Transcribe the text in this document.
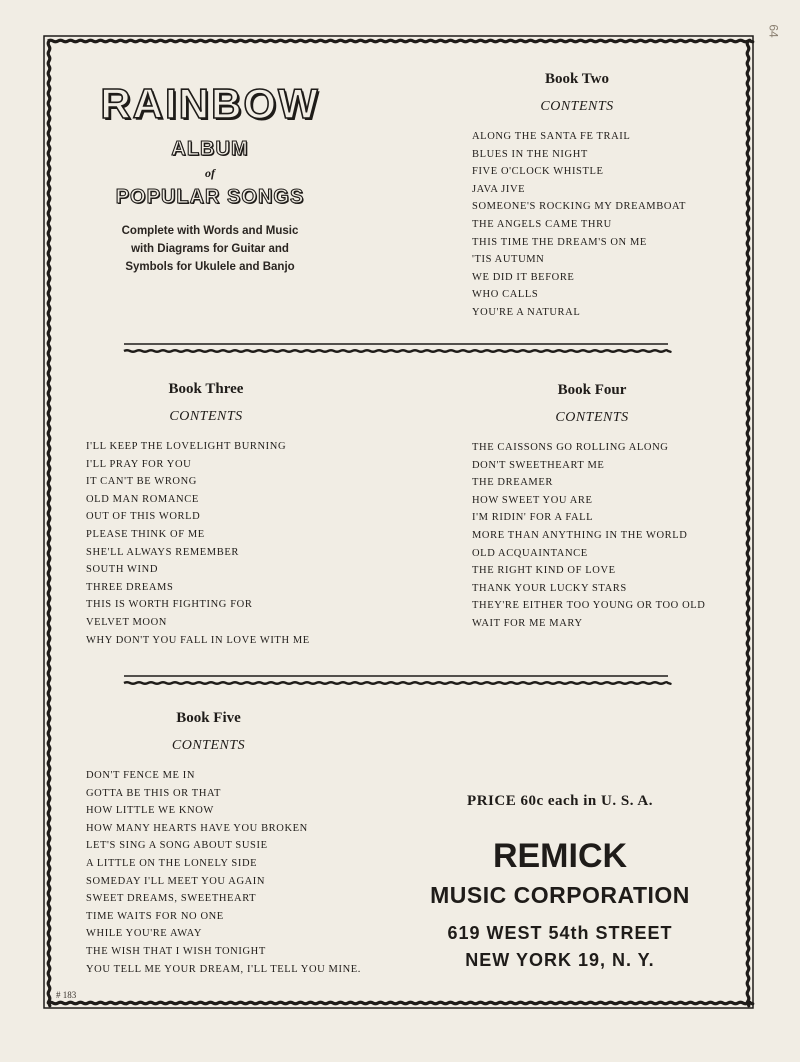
64
RAINBOW
ALBUM
of
POPULAR SONGS
Complete with Words and Music
with Diagrams for Guitar and
Symbols for Ukulele and Banjo
Book Two
CONTENTS
ALONG THE SANTA FE TRAIL
BLUES IN THE NIGHT
FIVE O'CLOCK WHISTLE
JAVA JIVE
SOMEONE'S ROCKING MY DREAMBOAT
THE ANGELS CAME THRU
THIS TIME THE DREAM'S ON ME
'TIS AUTUMN
WE DID IT BEFORE
WHO CALLS
YOU'RE A NATURAL
Book Three
CONTENTS
I'LL KEEP THE LOVELIGHT BURNING
I'LL PRAY FOR YOU
IT CAN'T BE WRONG
OLD MAN ROMANCE
OUT OF THIS WORLD
PLEASE THINK OF ME
SHE'LL ALWAYS REMEMBER
SOUTH WIND
THREE DREAMS
THIS IS WORTH FIGHTING FOR
VELVET MOON
WHY DON'T YOU FALL IN LOVE WITH ME
Book Four
CONTENTS
THE CAISSONS GO ROLLING ALONG
DON'T SWEETHEART ME
THE DREAMER
HOW SWEET YOU ARE
I'M RIDIN' FOR A FALL
MORE THAN ANYTHING IN THE WORLD
OLD ACQUAINTANCE
THE RIGHT KIND OF LOVE
THANK YOUR LUCKY STARS
THEY'RE EITHER TOO YOUNG OR TOO OLD
WAIT FOR ME MARY
Book Five
CONTENTS
DON'T FENCE ME IN
GOTTA BE THIS OR THAT
HOW LITTLE WE KNOW
HOW MANY HEARTS HAVE YOU BROKEN
LET'S SING A SONG ABOUT SUSIE
A LITTLE ON THE LONELY SIDE
SOMEDAY I'LL MEET YOU AGAIN
SWEET DREAMS, SWEETHEART
TIME WAITS FOR NO ONE
WHILE YOU'RE AWAY
THE WISH THAT I WISH TONIGHT
YOU TELL ME YOUR DREAM, I'LL TELL YOU MINE.
PRICE 60c each in U. S. A.
REMICK
MUSIC CORPORATION
619 WEST 54th STREET
NEW YORK 19, N. Y.
# 183
